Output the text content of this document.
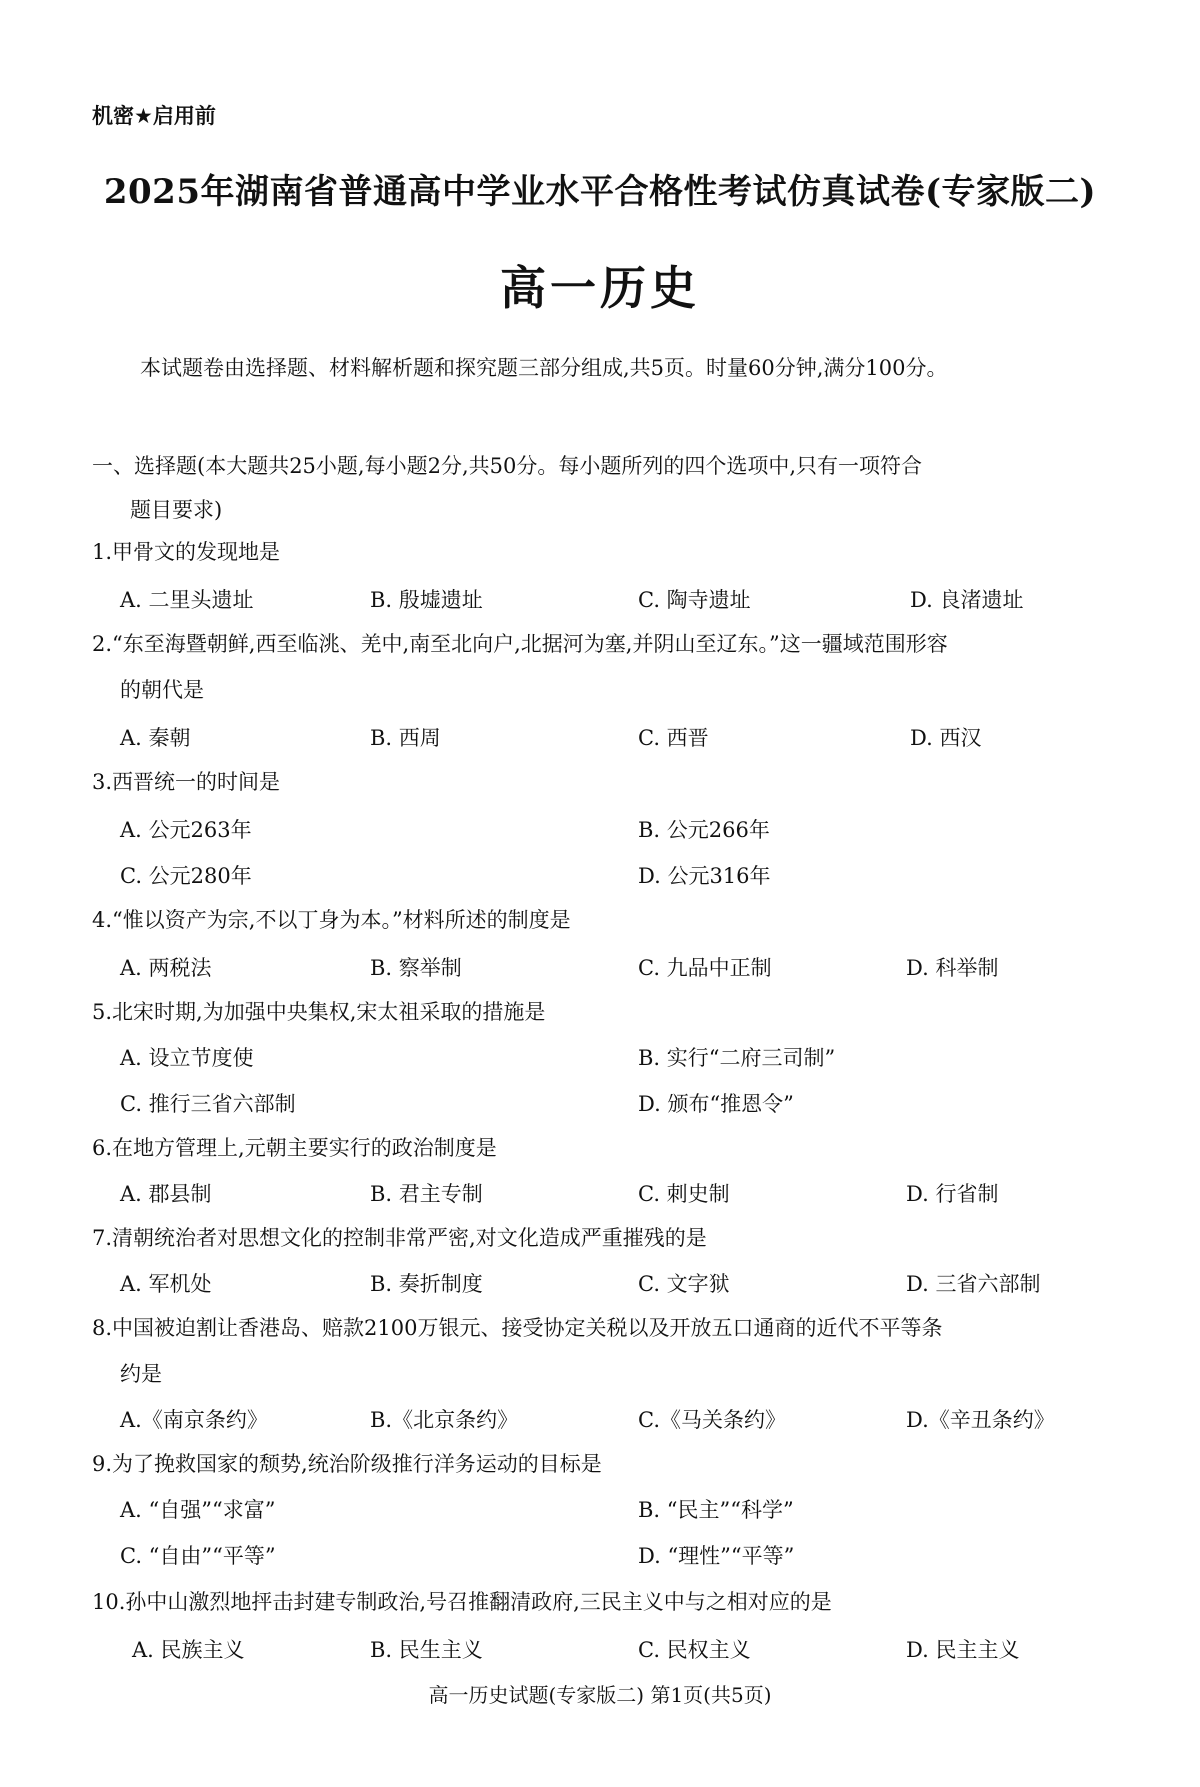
机密★启用前
2025年湖南省普通高中学业水平合格性考试仿真试卷(专家版二)
高一历史
本试题卷由选择题、材料解析题和探究题三部分组成,共5页。时量60分钟,满分100分。
一、选择题(本大题共25小题,每小题2分,共50分。每小题所列的四个选项中,只有一项符合
题目要求)
1.甲骨文的发现地是
A. 二里头遗址	B. 殷墟遗址	C. 陶寺遗址	D. 良渚遗址
2.“东至海暨朝鲜,西至临洮、羌中,南至北向户,北据河为塞,并阴山至辽东。”这一疆域范围形容
的朝代是
A. 秦朝	B. 西周	C. 西晋	D. 西汉
3.西晋统一的时间是
A. 公元263年	B. 公元266年
C. 公元280年	D. 公元316年
4.“惟以资产为宗,不以丁身为本。”材料所述的制度是
A. 两税法	B. 察举制	C. 九品中正制	D. 科举制
5.北宋时期,为加强中央集权,宋太祖采取的措施是
A. 设立节度使	B. 实行“二府三司制”
C. 推行三省六部制	D. 颁布“推恩令”
6.在地方管理上,元朝主要实行的政治制度是
A. 郡县制	B. 君主专制	C. 刺史制	D. 行省制
7.清朝统治者对思想文化的控制非常严密,对文化造成严重摧残的是
A. 军机处	B. 奏折制度	C. 文字狱	D. 三省六部制
8.中国被迫割让香港岛、赔款2100万银元、接受协定关税以及开放五口通商的近代不平等条
约是
A.《南京条约》	B.《北京条约》	C.《马关条约》	D.《辛丑条约》
9.为了挽救国家的颓势,统治阶级推行洋务运动的目标是
A. “自强”“求富”	B. “民主”“科学”
C. “自由”“平等”	D. “理性”“平等”
10.孙中山激烈地抨击封建专制政治,号召推翻清政府,三民主义中与之相对应的是
A. 民族主义	B. 民生主义	C. 民权主义	D. 民主主义
高一历史试题(专家版二) 第1页(共5页)
